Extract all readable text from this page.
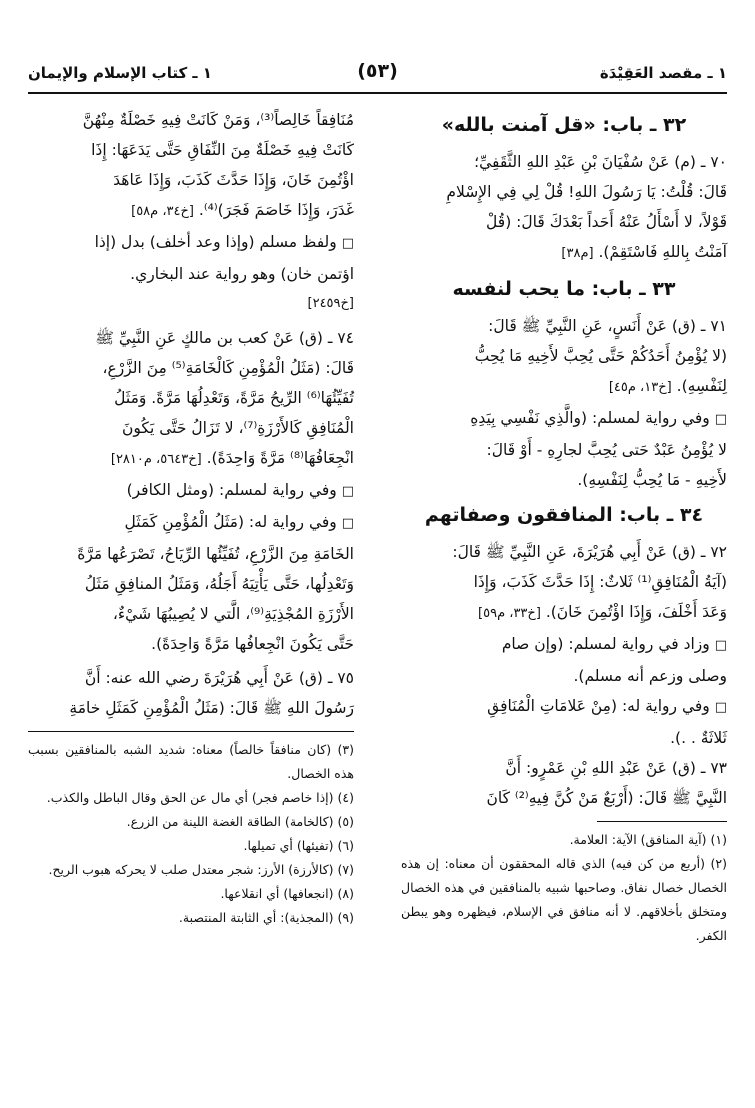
١ ـ مقصد العَقِيْدَة
(٥٣)
١ ـ كتاب الإسلام والإيمان
٣٢ ـ باب: «قل آمنت بالله»

٧٠ ـ (م) عَنْ سُفْيَانَ بْنِ عَبْدِ اللهِ الثَّقَفِيِّ؛

قَالَ: قُلْتُ: يَا رَسُولَ اللهِ! قُلْ لِي فِي الإِسْلامِ

قَوْلاً، لا أَسْأَلُ عَنْهُ أَحَداً بَعْدَكَ قَالَ: (قُلْ

آمَنْتُ بِاللهِ فَاسْتَقِمْ). [م٣٨]

٣٣ ـ باب: ما يحب لنفسه

٧١ ـ (ق) عَنْ أَنَسٍ، عَنِ النَّبِيِّ ﷺ قَالَ:

(لا يُؤْمِنُ أَحَدُكُمْ حَتَّى يُحِبَّ لأَخِيهِ مَا يُحِبُّ

لِنَفْسِهِ). [خ١٣، م٤٥]

□ وفي رواية لمسلم: (والَّذِي نَفْسِي بِيَدِهِ

لا يُؤْمِنُ عَبْدٌ حَتى يُحِبَّ لجارِهِ - أَوْ قَالَ:

لأَخِيهِ - مَا يُحِبُّ لِنَفْسِهِ).

٣٤ ـ باب: المنافقون وصفاتهم

٧٢ ـ (ق) عَنْ أَبِي هُرَيْرَةَ، عَنِ النَّبِيِّ ﷺ قَالَ:

(آيَةُ الْمُنَافِقِ⁽¹⁾ ثَلاثٌ: إِذَا حَدَّثَ كَذَبَ، وَإِذَا

وَعَدَ أَخْلَفَ، وَإِذَا اؤْتُمِنَ خَانَ). [خ٣٣، م٥٩]

□ وزاد في رواية لمسلم: (وإن صام

وصلى وزعم أنه مسلم).

□ وفي رواية له: (مِنْ عَلامَاتِ الْمُنَافِقِ

ثَلاثَةٌ . .).

٧٣ ـ (ق) عَنْ عَبْدِ اللهِ بْنِ عَمْرٍو: أَنَّ

النَّبِيَّ ﷺ قَالَ: (أَرْبَعٌ مَنْ كُنَّ فِيهِ⁽²⁾ كَانَ

(١) (آية المنافق) الآية: العلامة.

(٢) (أربع من كن فيه) الذي قاله المحققون أن معناه: إن هذه الخصال خصال نفاق. وصاحبها شبيه بالمنافقين في هذه الخصال ومتخلق بأخلاقهم. لا أنه منافق في الإسلام، فيظهره وهو يبطن الكفر.

مُنَافِقاً خَالِصاً⁽³⁾، وَمَنْ كَانَتْ فِيهِ خَصْلَةٌ مِنْهُنَّ

كَانَتْ فِيهِ خَصْلَةٌ مِنَ النِّفَاقِ حَتَّى يَدَعَهَا: إِذَا

اؤْتُمِنَ خَانَ، وَإِذَا حَدَّثَ كَذَبَ، وَإِذَا عَاهَدَ

غَدَرَ، وَإِذَا خَاصَمَ فَجَرَ)⁽⁴⁾. [خ٣٤، م٥٨]

□ ولفظ مسلم (وإذا وعد أخلف) بدل (إذا

اؤتمن خان) وهو رواية عند البخاري.

[خ٢٤٥٩]

٧٤ ـ (ق) عَنْ كعب بن مالكٍ عَنِ النَّبِيِّ ﷺ

قَالَ: (مَثَلُ الْمُؤْمِنِ كَالْخَامَةِ⁽⁵⁾ مِنَ الزَّرْعِ،

تُفَيِّئُهَا⁽⁶⁾ الرِّيحُ مَرَّةً، وَتَعْدِلُهَا مَرَّةً. وَمَثَلُ

الْمُنَافِقِ كَالأَرْزَةِ⁽⁷⁾، لا تَزَالُ حَتَّى يَكُونَ

انْجِعَافُهَا⁽⁸⁾ مَرَّةً وَاحِدَةً). [خ٥٦٤٣، م٢٨١٠]

□ وفي رواية لمسلم: (ومثل الكافر)

□ وفي رواية له: (مَثَلُ الْمُؤْمِنِ كَمَثَلِ

الخَامَةِ مِنَ الزَّرْعِ، تُفَيِّئُها الرِّيَاحُ، تَصْرَعُها مَرَّةً

وَتَعْدِلُها، حَتَّى يَأْتِيَهُ أَجَلُهُ، وَمَثَلُ المنافِقِ مَثَلُ

الأَرْزَةِ المُجْذِيَةِ⁽⁹⁾، الَّتي لا يُصِيبُهَا شَيْءٌ،

حَتَّى يَكُونَ انْجِعافُها مَرَّةً وَاحِدَةً).

٧٥ ـ (ق) عَنْ أَبِي هُرَيْرَةَ رضي الله عنه: أَنَّ

رَسُولَ اللهِ ﷺ قَالَ: (مَثَلُ الْمُؤْمِنِ كَمَثَلِ خامَةِ

(٣) (كان منافقاً خالصاً) معناه: شديد الشبه بالمنافقين بسبب هذه الخصال.

(٤) (إذا خاصم فجر) أي مال عن الحق وقال الباطل والكذب.

(٥) (كالخامة) الطاقة الغضة اللينة من الزرع.

(٦) (تفيئها) أي تميلها.

(٧) (كالأرزة) الأرز: شجر معتدل صلب لا يحركه هبوب الريح.

(٨) (انجعافها) أي انقلاعها.

(٩) (المجذية): أي الثابتة المنتصبة.
